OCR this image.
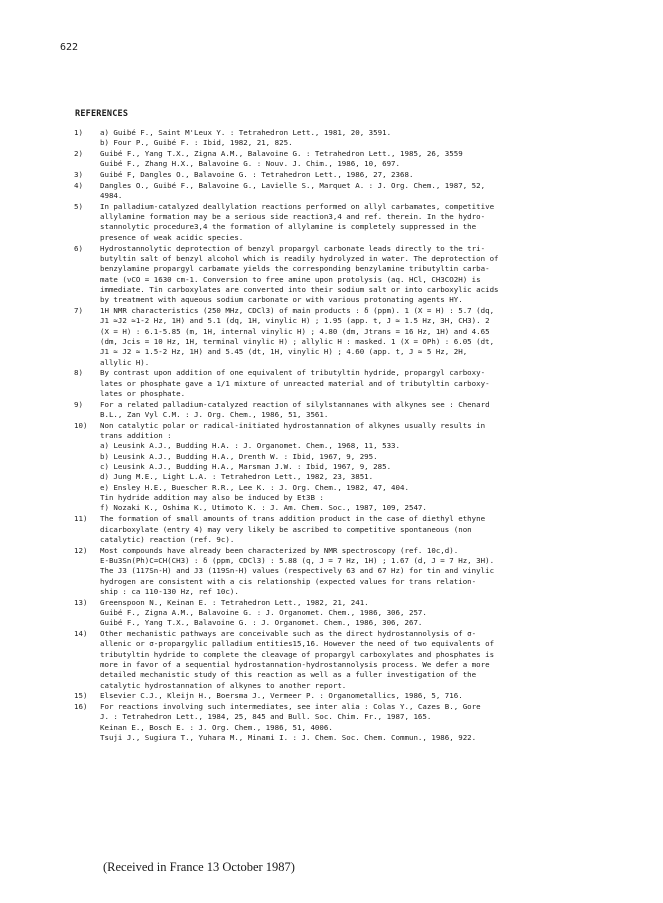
622
REFERENCES
1)	a) Guibé F., Saint M'Leux Y. : Tetrahedron Lett., 1981, 20, 3591.
b) Four P., Guibé F. : Ibid, 1982, 21, 825.
2)	Guibé F., Yang T.X., Zigna A.M., Balavoine G. : Tetrahedron Lett., 1985, 26, 3559
Guibé F., Zhang H.X., Balavoine G. : Nouv. J. Chim., 1986, 10, 697.
3)	Guibé F, Dangles O., Balavoine G. : Tetrahedron Lett., 1986, 27, 2368.
4)	Dangles O., Guibé F., Balavoine G., Lavielle S., Marquet A. : J. Org. Chem., 1987, 52,
4984.
5)	In palladium-catalyzed deallylation reactions performed on allyl carbamates, competitive
allylamine formation may be a serious side reaction3,4 and ref. therein. In the hydro-
stannolytic procedure3,4 the formation of allylamine is completely suppressed in the
presence of weak acidic species.
6)	Hydrostannolytic deprotection of benzyl propargyl carbonate leads directly to the tri-
butyltin salt of benzyl alcohol which is readily hydrolyzed in water. The deprotection of
benzylamine propargyl carbamate yields the corresponding benzylamine tributyltin carba-
mate (νCO = 1630 cm-1. Conversion to free amine upon protolysis (aq. HCl, CH3CO2H) is
immediate. Tin carboxylates are converted into their sodium salt or into carboxylic acids
by treatment with aqueous sodium carbonate or with various protonating agents HY.
7)	1H NMR characteristics (250 MHz, CDCl3) of main products : δ (ppm). 1 (X = H) : 5.7 (dq,
J1 ≃J2 ≃1-2 Hz, 1H) and 5.1 (dq, 1H, vinylic H) ; 1.95 (app. t, J ≃ 1.5 Hz, 3H, CH3). 2
(X = H) : 6.1-5.85 (m, 1H, internal vinylic H) ; 4.80 (dm, Jtrans = 16 Hz, 1H) and 4.65
(dm, Jcis = 10 Hz, 1H, terminal vinylic H) ; allylic H : masked. 1 (X = OPh) : 6.05 (dt,
J1 ≃ J2 ≃ 1.5-2 Hz, 1H) and 5.45 (dt, 1H, vinylic H) ; 4.60 (app. t, J ≃ 5 Hz, 2H,
allylic H).
8)	By contrast upon addition of one equivalent of tributyltin hydride, propargyl carboxy-
lates or phosphate gave a 1/1 mixture of unreacted material and of tributyltin carboxy-
lates or phosphate.
9)	For a related palladium-catalyzed reaction of silylstannanes with alkynes see : Chenard
B.L., Zan Vyl C.M. : J. Org. Chem., 1986, 51, 3561.
10)	Non catalytic polar or radical-initiated hydrostannation of alkynes usually results in
trans addition :
a) Leusink A.J., Budding H.A. : J. Organomet. Chem., 1968, 11, 533.
b) Leusink A.J., Budding H.A., Drenth W. : Ibid, 1967, 9, 295.
c) Leusink A.J., Budding H.A., Marsman J.W. : Ibid, 1967, 9, 285.
d) Jung M.E., Light L.A. : Tetrahedron Lett., 1982, 23, 3851.
e) Ensley H.E., Buescher R.R., Lee K. : J. Org. Chem., 1982, 47, 404.
Tin hydride addition may also be induced by Et3B :
f) Nozaki K., Oshima K., Utimoto K. : J. Am. Chem. Soc., 1987, 109, 2547.
11)	The formation of small amounts of trans addition product in the case of diethyl ethyne
dicarboxylate (entry 4) may very likely be ascribed to competitive spontaneous (non
catalytic) reaction (ref. 9c).
12)	Most compounds have already been characterized by NMR spectroscopy (ref. 10c,d).
E-Bu3Sn(Ph)C=CH(CH3) : δ (ppm, CDCl3) : 5.88 (q, J = 7 Hz, 1H) ; 1.67 (d, J = 7 Hz, 3H).
The J3 (117Sn-H) and J3 (119Sn-H) values (respectively 63 and 67 Hz) for tin and vinylic
hydrogen are consistent with a cis relationship (expected values for trans relation-
ship : ca 110-130 Hz, ref 10c).
13)	Greenspoon N., Keinan E. : Tetrahedron Lett., 1982, 21, 241.
Guibé F., Zigna A.M., Balavoine G. : J. Organomet. Chem., 1986, 306, 257.
Guibé F., Yang T.X., Balavoine G. : J. Organomet. Chem., 1986, 306, 267.
14)	Other mechanistic pathways are conceivable such as the direct hydrostannolysis of σ-
allenic or σ-propargylic palladium entities15,16. However the need of two equivalents of
tributyltin hydride to complete the cleavage of propargyl carboxylates and phosphates is
more in favor of a sequential hydrostannation-hydrostannolysis process. We defer a more
detailed mechanistic study of this reaction as well as a fuller investigation of the
catalytic hydrostannation of alkynes to another report.
15)	Elsevier C.J., Kleijn H., Boersma J., Vermeer P. : Organometallics, 1986, 5, 716.
16)	For reactions involving such intermediates, see inter alia : Colas Y., Cazes B., Gore
J. : Tetrahedron Lett., 1984, 25, 845 and Bull. Soc. Chim. Fr., 1987, 165.
Keinan E., Bosch E. : J. Org. Chem., 1986, 51, 4006.
Tsuji J., Sugiura T., Yuhara M., Minami I. : J. Chem. Soc. Chem. Commun., 1986, 922.
(Received in France 13 October 1987)
